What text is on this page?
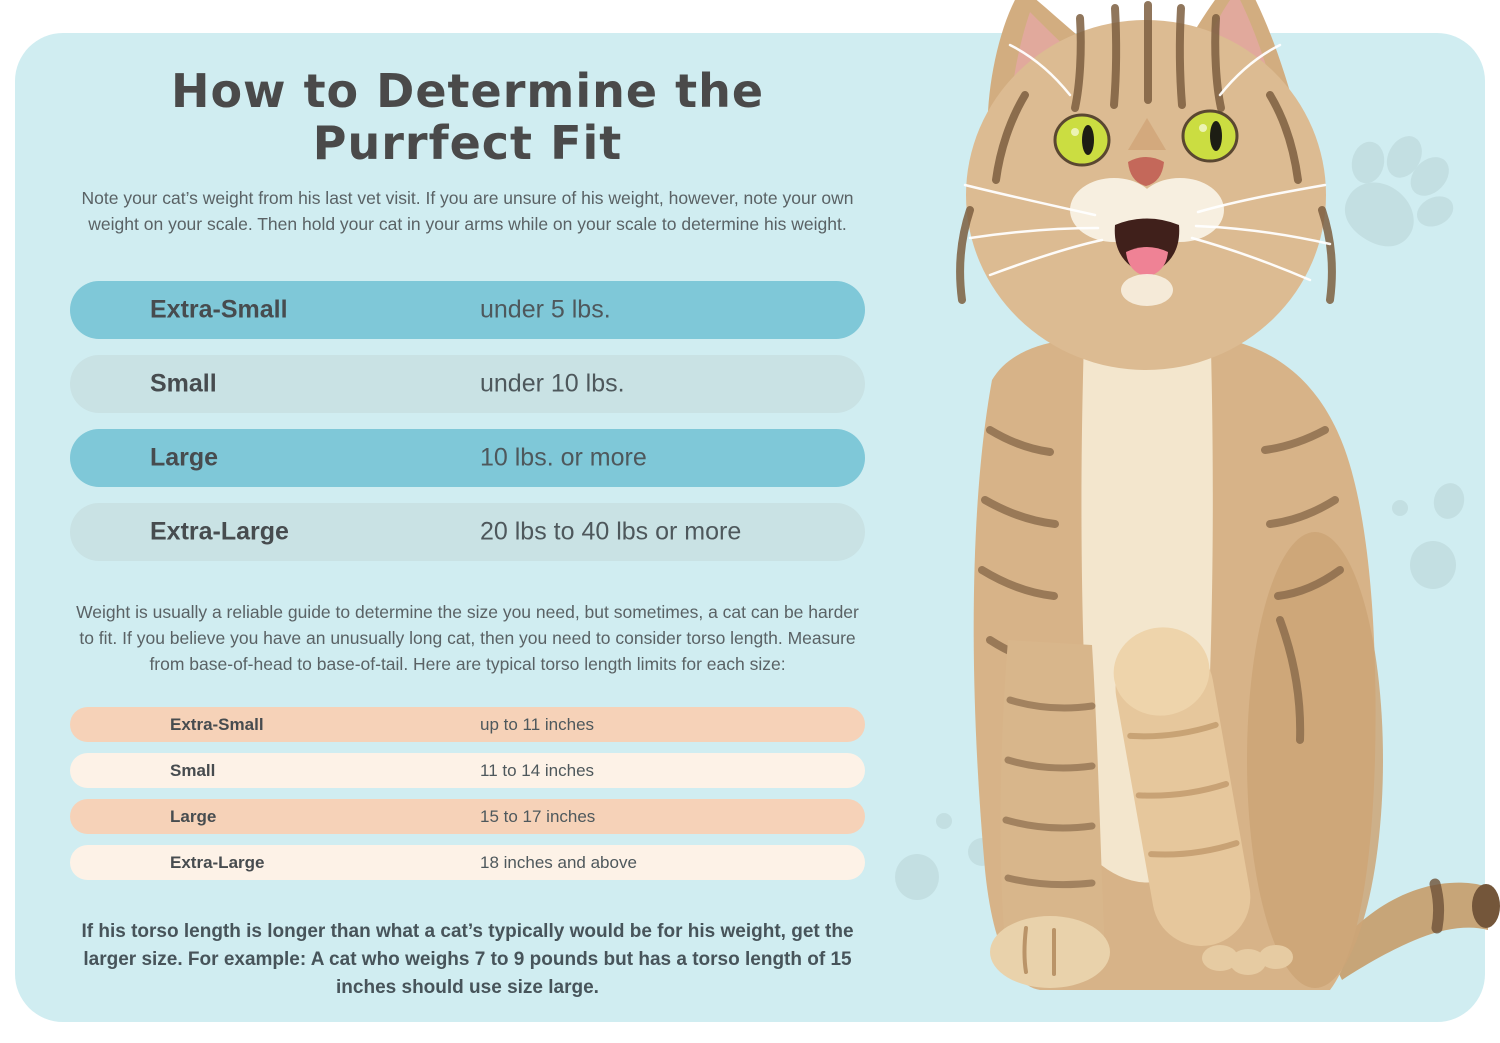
How to Determine the Purrfect Fit

Note your cat’s weight from his last vet visit. If you are unsure of his weight, however, note your own weight on your scale. Then hold your cat in your arms while on your scale to determine his weight.

Extra-Small	under 5 lbs.
Small	under 10 lbs.
Large	10 lbs. or more
Extra-Large	20 lbs to 40 lbs or more

Weight is usually a reliable guide to determine the size you need, but sometimes, a cat can be harder to fit. If you believe you have an unusually long cat, then you need to consider torso length. Measure from base-of-head to base-of-tail. Here are typical torso length limits for each size:

Extra-Small	up to 11 inches
Small	11 to 14 inches
Large	15 to 17 inches
Extra-Large	18 inches and above

If his torso length is longer than what a cat’s typically would be for his weight, get the larger size. For example: A cat who weighs 7 to 9 pounds but has a torso length of 15 inches should use size large.
